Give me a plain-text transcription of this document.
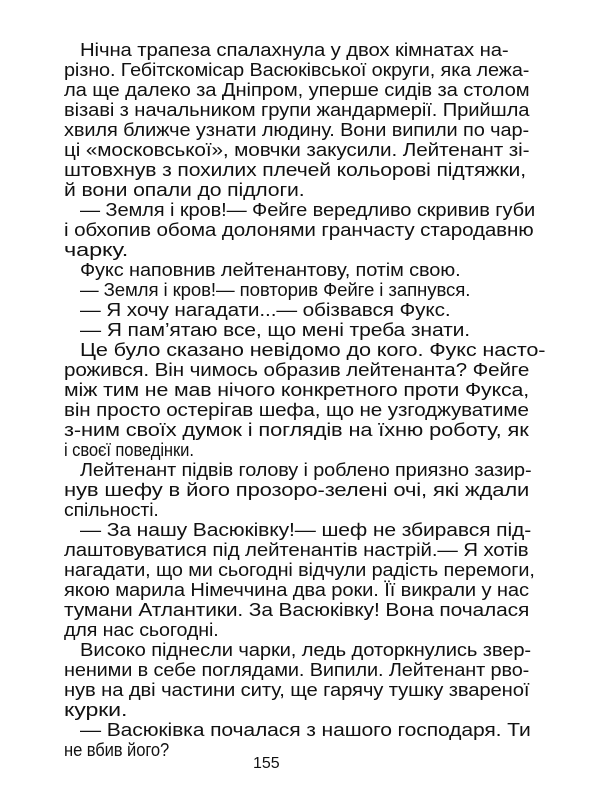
Нічна трапеза спалахнула у двох кімнатах на-
різно. Гебітскомісар Васюківської округи, яка лежа-
ла ще далеко за Дніпром, уперше сидів за столом
візаві з начальником групи жандармерії. Прийшла
хвиля ближче узнати людину. Вони випили по чар-
ці «московської», мовчки закусили. Лейтенант зі-
штовхнув з похилих плечей кольорові підтяжки,
й вони опали до підлоги.
— Земля і кров!— Фейге вередливо скривив губи
і обхопив обома долонями гранчасту стародавню
чарку.
Фукс наповнив лейтенантову, потім свою.
— Земля і кров!— повторив Фейге і запнувся.
— Я хочу нагадати...— обізвався Фукс.
— Я пам’ятаю все, що мені треба знати.
Це було сказано невідомо до кого. Фукс насто-
рожився. Він чимось образив лейтенанта? Фейге
між тим не мав нічого конкретного проти Фукса,
він просто остерігав шефа, що не узгоджуватиме
з-ним своїх думок і поглядів на їхню роботу, як
і своєї поведінки.
Лейтенант підвів голову і роблено приязно зазир-
нув шефу в його прозоро-зелені очі, які ждали
спільності.
— За нашу Васюківку!— шеф не збирався під-
лаштовуватися під лейтенантів настрій.— Я хотів
нагадати, що ми сьогодні відчули радість перемоги,
якою марила Німеччина два роки. Її викрали у нас
тумани Атлантики. За Васюківку! Вона почалася
для нас сьогодні.
Високо піднесли чарки, ледь доторкнулись звер-
неними в себе поглядами. Випили. Лейтенант рво-
нув на дві частини ситу, ще гарячу тушку звареної
курки.
— Васюківка почалася з нашого господаря. Ти
не вбив його?
155
